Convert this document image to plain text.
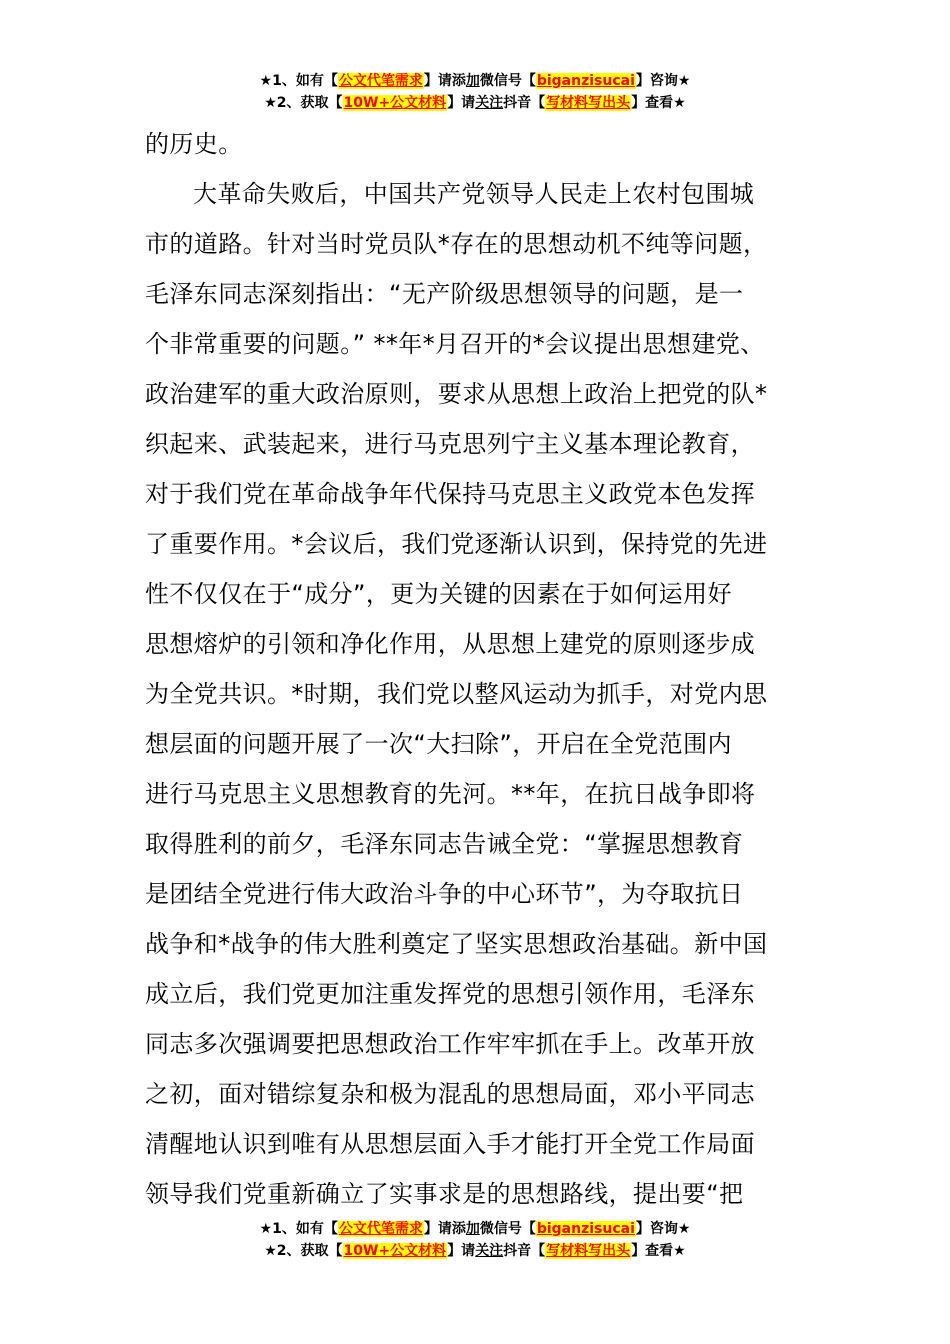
★1、如有【公文代笔需求】请添加微信号【biganzisucai】咨询★
★2、获取【10W+公文材料】请关注抖音【写材料写出头】查看★

的历史。

大革命失败后，中国共产党领导人民走上农村包围城

市的道路。针对当时党员队*存在的思想动机不纯等问题，

毛泽东同志深刻指出：“无产阶级思想领导的问题，是一

个非常重要的问题。” **年*月召开的*会议提出思想建党、

政治建军的重大政治原则，要求从思想上政治上把党的队*

织起来、武装起来，进行马克思列宁主义基本理论教育，

对于我们党在革命战争年代保持马克思主义政党本色发挥

了重要作用。*会议后，我们党逐渐认识到，保持党的先进

性不仅仅在于“成分”，更为关键的因素在于如何运用好

思想熔炉的引领和净化作用，从思想上建党的原则逐步成

为全党共识。*时期，我们党以整风运动为抓手，对党内思

想层面的问题开展了一次“大扫除”，开启在全党范围内

进行马克思主义思想教育的先河。**年，在抗日战争即将

取得胜利的前夕，毛泽东同志告诫全党：“掌握思想教育

是团结全党进行伟大政治斗争的中心环节”，为夺取抗日

战争和*战争的伟大胜利奠定了坚实思想政治基础。新中国

成立后，我们党更加注重发挥党的思想引领作用，毛泽东

同志多次强调要把思想政治工作牢牢抓在手上。改革开放

之初，面对错综复杂和极为混乱的思想局面，邓小平同志

清醒地认识到唯有从思想层面入手才能打开全党工作局面

领导我们党重新确立了实事求是的思想路线，提出要“把

★1、如有【公文代笔需求】请添加微信号【biganzisucai】咨询★
★2、获取【10W+公文材料】请关注抖音【写材料写出头】查看★
